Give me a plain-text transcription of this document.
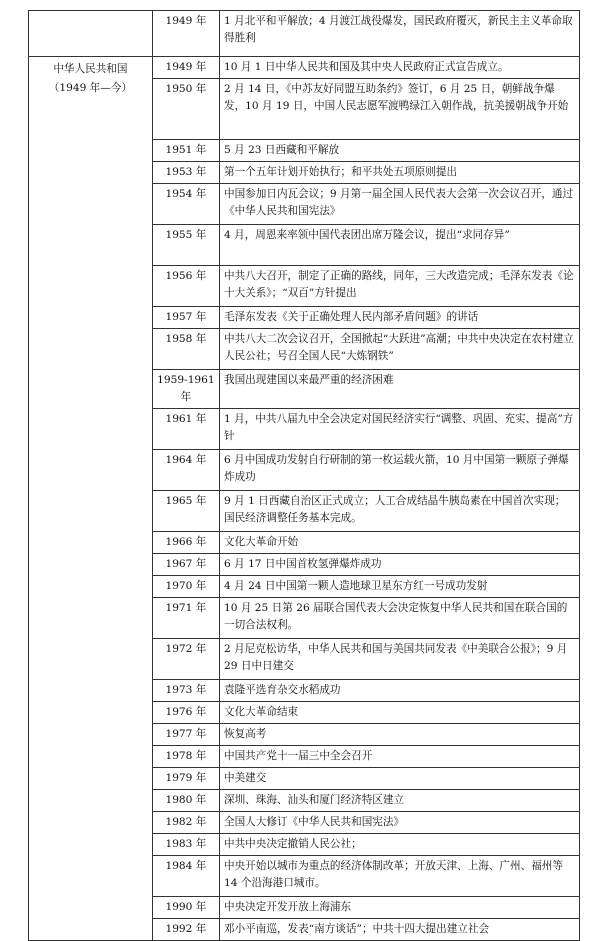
	1949 年	1 月北平和平解放；4 月渡江战役爆发，国民政府覆灭，新民主主义革命取得胜利

中华人民共和国
（1949 年—今）	1949 年	10 月 1 日中华人民共和国及其中央人民政府正式宣告成立。
	1950 年	2 月 14 日，《中苏友好同盟互助条约》签订，6 月 25 日，朝鲜战争爆发，10 月 19 日，中国人民志愿军渡鸭绿江入朝作战，抗美援朝战争开始
	1951 年	5 月 23 日西藏和平解放
	1953 年	第一个五年计划开始执行；和平共处五项原则提出
	1954 年	中国参加日内瓦会议；9 月第一届全国人民代表大会第一次会议召开，通过《中华人民共和国宪法》
	1955 年	4 月，周恩来率领中国代表团出席万隆会议，提出“求同存异”
	1956 年	中共八大召开，制定了正确的路线，同年，三大改造完成；毛泽东发表《论十大关系》；“双百”方针提出
	1957 年	毛泽东发表《关于正确处理人民内部矛盾问题》的讲话
	1958 年	中共八大二次会议召开，全国掀起“大跃进”高潮；中共中央决定在农村建立人民公社；号召全国人民“大炼钢铁”
	1959-1961 年	我国出现建国以来最严重的经济困难
	1961 年	1 月，中共八届九中全会决定对国民经济实行“调整、巩固、充实、提高”方针
	1964 年	6 月中国成功发射自行研制的第一枚运载火箭，10 月中国第一颗原子弹爆炸成功
	1965 年	9 月 1 日西藏自治区正式成立；人工合成结晶牛胰岛素在中国首次实现；国民经济调整任务基本完成。
	1966 年	文化大革命开始
	1967 年	6 月 17 日中国首枚氢弹爆炸成功
	1970 年	4 月 24 日中国第一颗人造地球卫星东方红一号成功发射
	1971 年	10 月 25 日第 26 届联合国代表大会决定恢复中华人民共和国在联合国的一切合法权利。
	1972 年	2 月尼克松访华，中华人民共和国与美国共同发表《中美联合公报》；9 月 29 日中日建交
	1973 年	袁隆平选育杂交水稻成功
	1976 年	文化大革命结束
	1977 年	恢复高考
	1978 年	中国共产党十一届三中全会召开
	1979 年	中美建交
	1980 年	深圳、珠海、汕头和厦门经济特区建立
	1982 年	全国人大修订《中华人民共和国宪法》
	1983 年	中共中央决定撤销人民公社；
	1984 年	中央开始以城市为重点的经济体制改革；开放天津、上海、广州、福州等 14 个沿海港口城市。
	1990 年	中央决定开发开放上海浦东
	1992 年	邓小平南巡，发表“南方谈话”；中共十四大提出建立社会
